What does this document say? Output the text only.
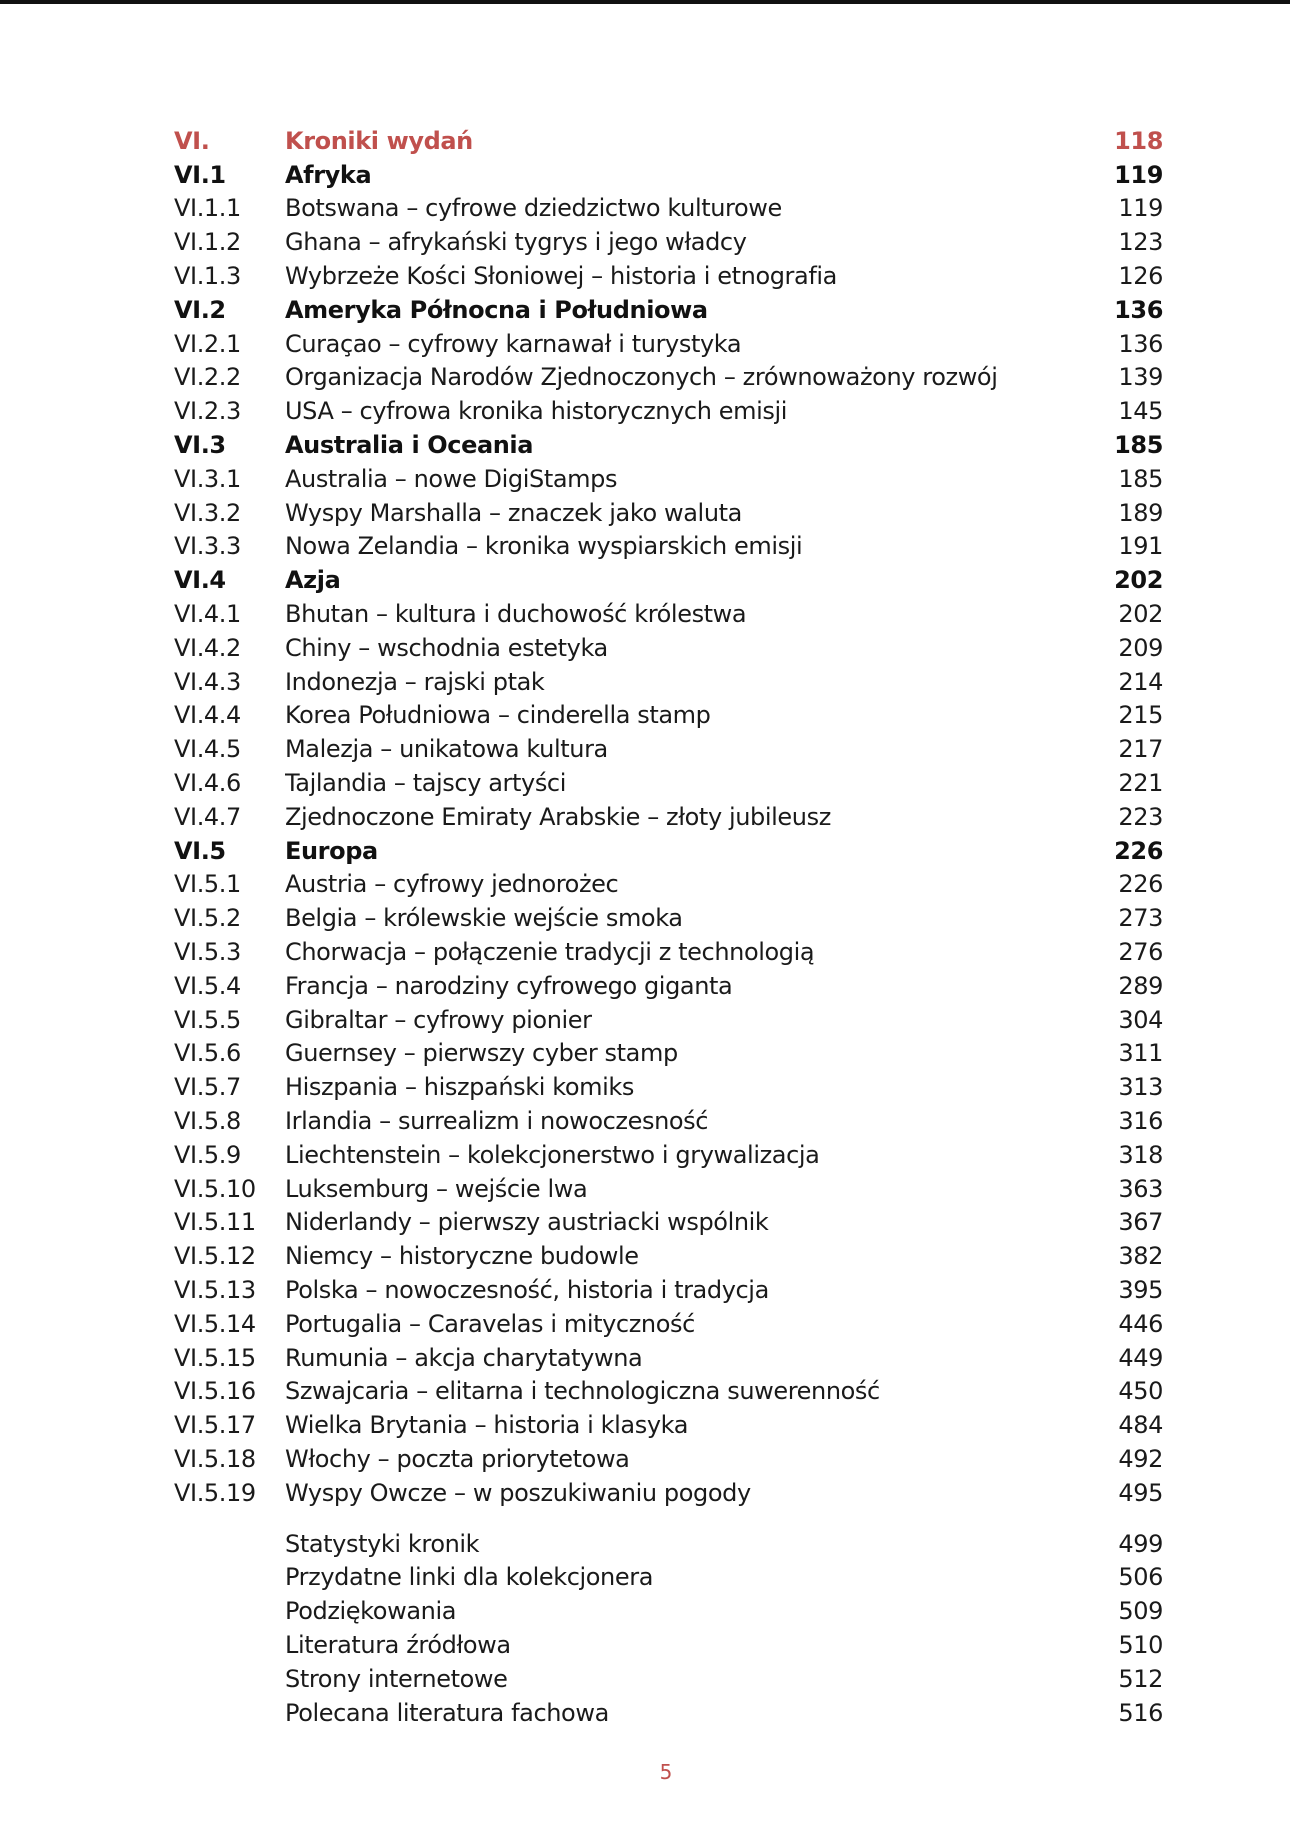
VI.	Kroniki wydań	118
VI.1	Afryka	119
VI.1.1	Botswana – cyfrowe dziedzictwo kulturowe	119
VI.1.2	Ghana – afrykański tygrys i jego władcy	123
VI.1.3	Wybrzeże Kości Słoniowej – historia i etnografia	126
VI.2	Ameryka Północna i Południowa	136
VI.2.1	Curaçao – cyfrowy karnawał i turystyka	136
VI.2.2	Organizacja Narodów Zjednoczonych – zrównoważony rozwój	139
VI.2.3	USA – cyfrowa kronika historycznych emisji	145
VI.3	Australia i Oceania	185
VI.3.1	Australia – nowe DigiStamps	185
VI.3.2	Wyspy Marshalla – znaczek jako waluta	189
VI.3.3	Nowa Zelandia – kronika wyspiarskich emisji	191
VI.4	Azja	202
VI.4.1	Bhutan – kultura i duchowość królestwa	202
VI.4.2	Chiny – wschodnia estetyka	209
VI.4.3	Indonezja – rajski ptak	214
VI.4.4	Korea Południowa – cinderella stamp	215
VI.4.5	Malezja – unikatowa kultura	217
VI.4.6	Tajlandia – tajscy artyści	221
VI.4.7	Zjednoczone Emiraty Arabskie – złoty jubileusz	223
VI.5	Europa	226
VI.5.1	Austria – cyfrowy jednorożec	226
VI.5.2	Belgia – królewskie wejście smoka	273
VI.5.3	Chorwacja – połączenie tradycji z technologią	276
VI.5.4	Francja – narodziny cyfrowego giganta	289
VI.5.5	Gibraltar – cyfrowy pionier	304
VI.5.6	Guernsey – pierwszy cyber stamp	311
VI.5.7	Hiszpania – hiszpański komiks	313
VI.5.8	Irlandia – surrealizm i nowoczesność	316
VI.5.9	Liechtenstein – kolekcjonerstwo i grywalizacja	318
VI.5.10	Luksemburg – wejście lwa	363
VI.5.11	Niderlandy – pierwszy austriacki wspólnik	367
VI.5.12	Niemcy – historyczne budowle	382
VI.5.13	Polska – nowoczesność, historia i tradycja	395
VI.5.14	Portugalia – Caravelas i mityczność	446
VI.5.15	Rumunia – akcja charytatywna	449
VI.5.16	Szwajcaria – elitarna i technologiczna suwerenność	450
VI.5.17	Wielka Brytania – historia i klasyka	484
VI.5.18	Włochy – poczta priorytetowa	492
VI.5.19	Wyspy Owcze – w poszukiwaniu pogody	495
Statystyki kronik	499
Przydatne linki dla kolekcjonera	506
Podziękowania	509
Literatura źródłowa	510
Strony internetowe	512
Polecana literatura fachowa	516
5
